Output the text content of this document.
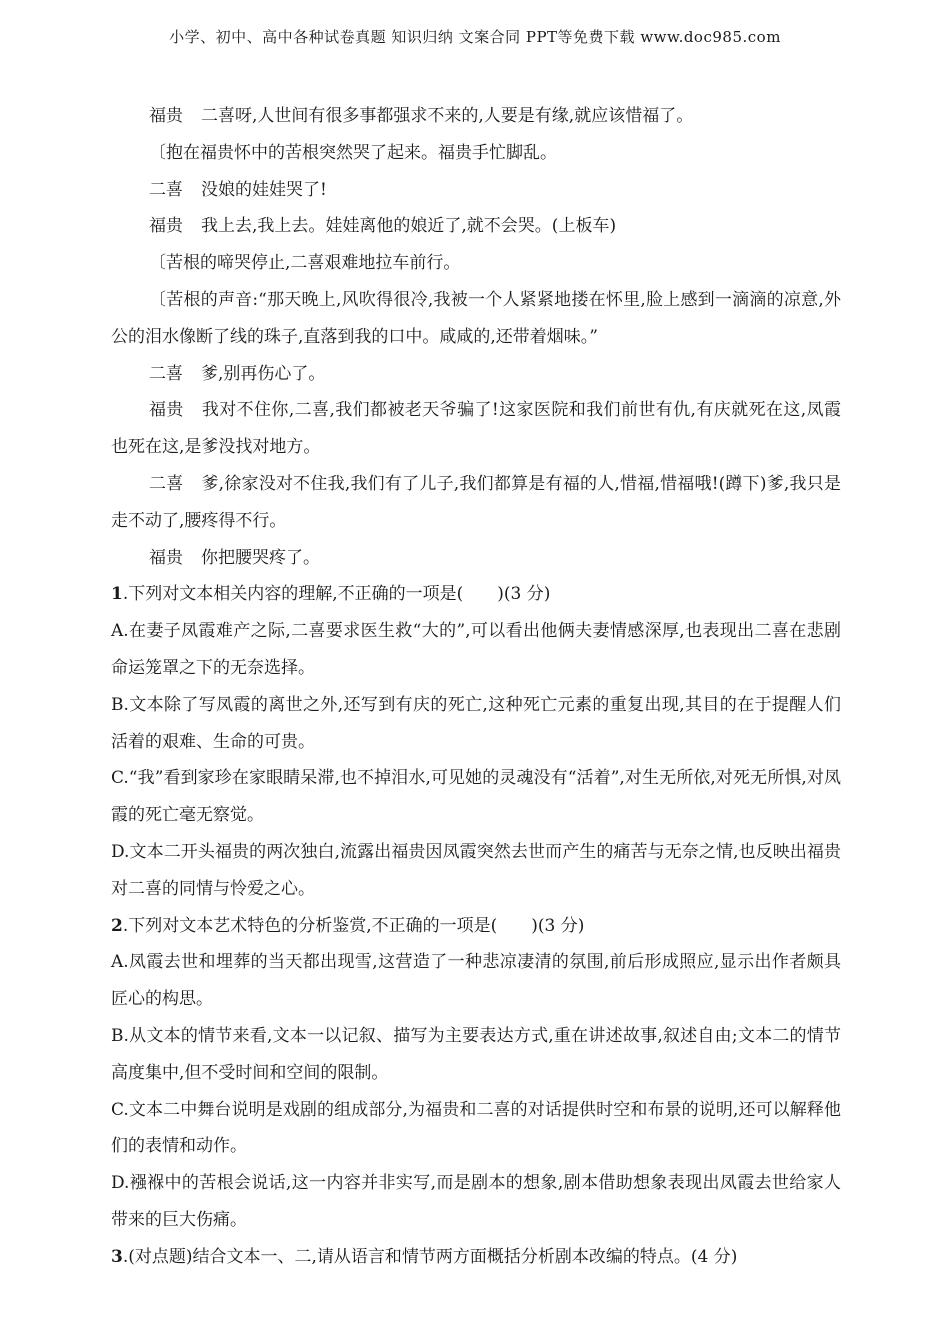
小学、初中、高中各种试卷真题 知识归纳 文案合同 PPT等免费下载 www.doc985.com

福贵 二喜呀,人世间有很多事都强求不来的,人要是有缘,就应该惜福了。

〔抱在福贵怀中的苦根突然哭了起来。福贵手忙脚乱。

二喜 没娘的娃娃哭了!

福贵 我上去,我上去。娃娃离他的娘近了,就不会哭。(上板车)

〔苦根的啼哭停止,二喜艰难地拉车前行。

〔苦根的声音:“那天晚上,风吹得很冷,我被一个人紧紧地搂在怀里,脸上感到一滴滴的凉意,外公的泪水像断了线的珠子,直落到我的口中。咸咸的,还带着烟味。”

二喜 爹,别再伤心了。

福贵 我对不住你,二喜,我们都被老天爷骗了!这家医院和我们前世有仇,有庆就死在这,凤霞也死在这,是爹没找对地方。

二喜 爹,徐家没对不住我,我们有了儿子,我们都算是有福的人,惜福,惜福哦!(蹲下)爹,我只是走不动了,腰疼得不行。

福贵 你把腰哭疼了。

1.下列对文本相关内容的理解,不正确的一项是(　　)(3 分)

A.在妻子凤霞难产之际,二喜要求医生救“大的”,可以看出他俩夫妻情感深厚,也表现出二喜在悲剧命运笼罩之下的无奈选择。

B.文本除了写凤霞的离世之外,还写到有庆的死亡,这种死亡元素的重复出现,其目的在于提醒人们活着的艰难、生命的可贵。

C.“我”看到家珍在家眼睛呆滞,也不掉泪水,可见她的灵魂没有“活着”,对生无所依,对死无所惧,对凤霞的死亡毫无察觉。

D.文本二开头福贵的两次独白,流露出福贵因凤霞突然去世而产生的痛苦与无奈之情,也反映出福贵对二喜的同情与怜爱之心。

2.下列对文本艺术特色的分析鉴赏,不正确的一项是(　　)(3 分)

A.凤霞去世和埋葬的当天都出现雪,这营造了一种悲凉凄清的氛围,前后形成照应,显示出作者颇具匠心的构思。

B.从文本的情节来看,文本一以记叙、描写为主要表达方式,重在讲述故事,叙述自由;文本二的情节高度集中,但不受时间和空间的限制。

C.文本二中舞台说明是戏剧的组成部分,为福贵和二喜的对话提供时空和布景的说明,还可以解释他们的表情和动作。

D.襁褓中的苦根会说话,这一内容并非实写,而是剧本的想象,剧本借助想象表现出凤霞去世给家人带来的巨大伤痛。

3.(对点题)结合文本一、二,请从语言和情节两方面概括分析剧本改编的特点。(4 分)
